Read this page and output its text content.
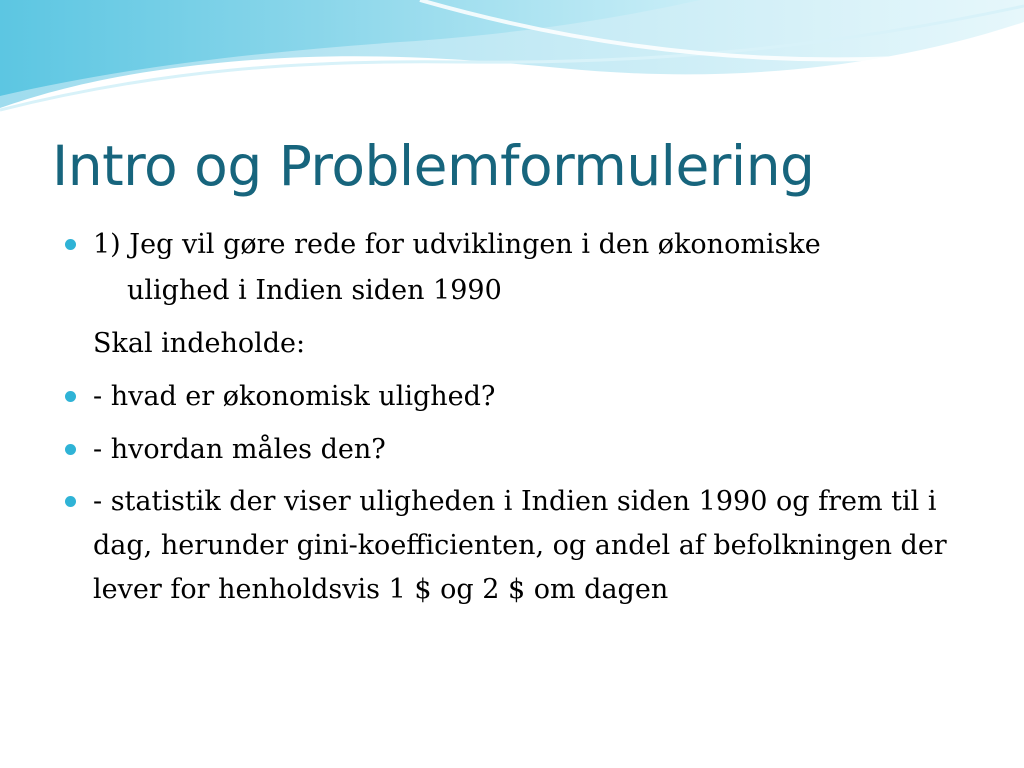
Intro og Problemformulering
1) Jeg vil gøre rede for udviklingen i den økonomiske
ulighed i Indien siden 1990
Skal indeholde:
- hvad er økonomisk ulighed?
- hvordan måles den?
- statistik der viser uligheden i Indien siden 1990 og frem til i dag, herunder gini-koefficienten, og andel af befolkningen der lever for henholdsvis 1 $ og 2 $ om dagen
